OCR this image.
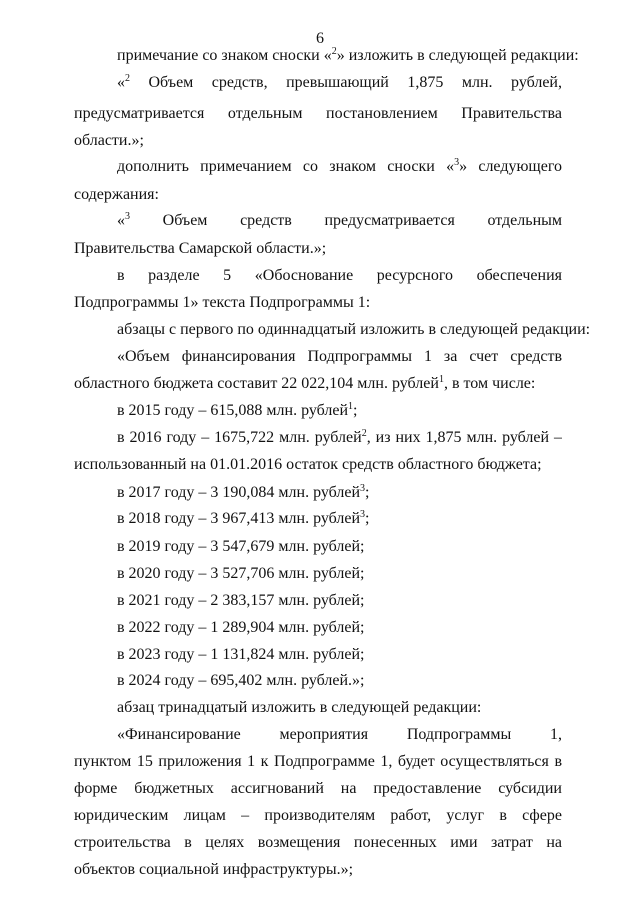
6
примечание со знаком сноски «$^2$» изложить в следующей редакции:
«$^2$ Объем средств, превышающий 1,875 млн. рублей,
предусматривается отдельным постановлением Правительства
области.»;
дополнить примечанием со знаком сноски «$^3$» следующего
содержания:
«$^3$ Объем средств предусматривается отдельным
Правительства Самарской области.»;
в разделе 5 «Обоснование ресурсного обеспечения
Подпрограммы 1» текста Подпрограммы 1:
абзацы с первого по одиннадцатый изложить в следующей редакции:
«Объем финансирования Подпрограммы 1 за счет средств
областного бюджета составит 22 022,104 млн. рублей$^1$, в том числе:
в 2015 году – 615,088 млн. рублей$^1$;
в 2016 году – 1675,722 млн. рублей$^2$, из них 1,875 млн. рублей –
использованный на 01.01.2016 остаток средств областного бюджета;
в 2017 году – 3 190,084 млн. рублей$^3$;
в 2018 году – 3 967,413 млн. рублей$^3$;
в 2019 году – 3 547,679 млн. рублей;
в 2020 году – 3 527,706 млн. рублей;
в 2021 году – 2 383,157 млн. рублей;
в 2022 году – 1 289,904 млн. рублей;
в 2023 году – 1 131,824 млн. рублей;
в 2024 году – 695,402 млн. рублей.»;
абзац тринадцатый изложить в следующей редакции:
«Финансирование мероприятия Подпрограммы 1,
пунктом 15 приложения 1 к Подпрограмме 1, будет осуществляться в
форме бюджетных ассигнований на предоставление субсидии
юридическим лицам – производителям работ, услуг в сфере
строительства в целях возмещения понесенных ими затрат на
объектов социальной инфраструктуры.»;
